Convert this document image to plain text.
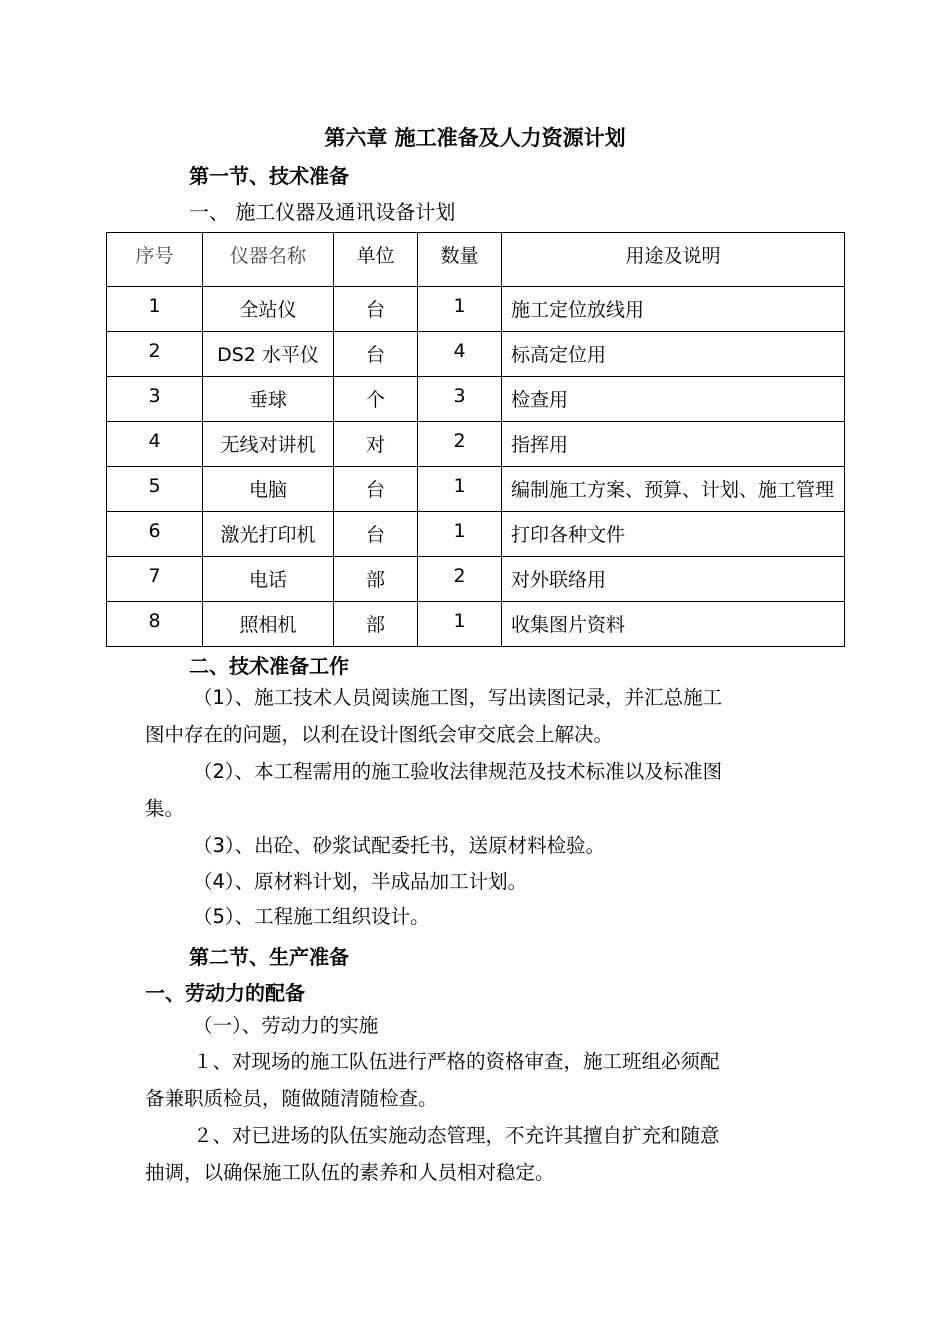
第六章 施工准备及人力资源计划
第一节、技术准备
一、 施工仪器及通讯设备计划
序号	仪器名称	单位	数量	用途及说明

1	全站仪	台	1	施工定位放线用

2	DS2 水平仪	台	4	标高定位用

3	垂球	个	3	检查用

4	无线对讲机	对	2	指挥用

5	电脑	台	1	编制施工方案、预算、计划、施工管理

6	激光打印机	台	1	打印各种文件

7	电话	部	2	对外联络用

8	照相机	部	1	收集图片资料
二、技术准备工作
（1）、施工技术人员阅读施工图，写出读图记录，并汇总施工
图中存在的问题，以利在设计图纸会审交底会上解决。
（2）、本工程需用的施工验收法律规范及技术标准以及标准图
集。
（3）、出砼、砂浆试配委托书，送原材料检验。
（4）、原材料计划，半成品加工计划。
（5）、工程施工组织设计。
第二节、生产准备
一、劳动力的配备
（一）、劳动力的实施
１、对现场的施工队伍进行严格的资格审查，施工班组必须配
备兼职质检员，随做随清随检查。
２、对已进场的队伍实施动态管理，不充许其擅自扩充和随意
抽调，以确保施工队伍的素养和人员相对稳定。
